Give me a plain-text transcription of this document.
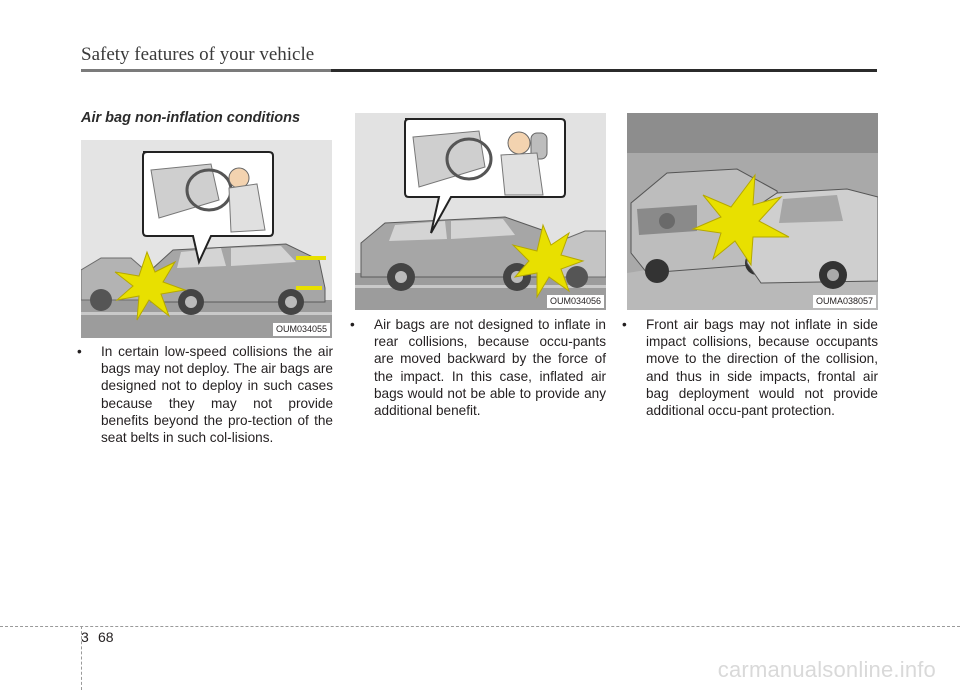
Safety features of your vehicle
Air bag non-inflation conditions
OUM034055
OUM034056	OUMA038057

• In certain low-speed collisions the air bags may not deploy. The air bags are designed not to deploy in such cases because they may not provide benefits beyond the pro-tection of the seat belts in such col-lisions.

• Air bags are not designed to inflate in rear collisions, because occu-pants are moved backward by the force of the impact. In this case, inflated air bags would not be able to provide any additional benefit.

• Front air bags may not inflate in side impact collisions, because occupants move to the direction of the collision, and thus in side impacts, frontal air bag deployment would not provide additional occu-pant protection.

3 68
carmanualsonline.info
